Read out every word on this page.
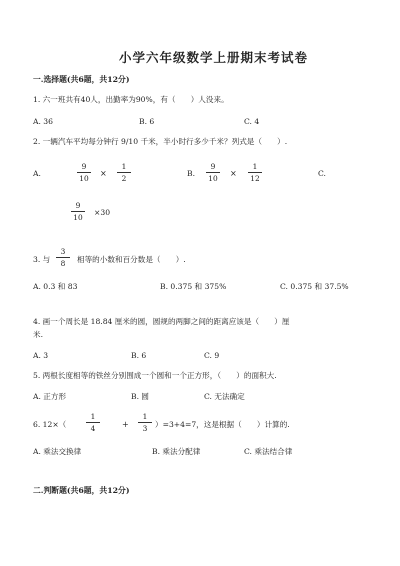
小学六年级数学上册期末考试卷
一.选择题(共6题，共12分)
1. 六一班共有40人，出勤率为90%，有（　　）人没来。
A. 36	B. 6	C. 4
2. 一辆汽车平均每分钟行 9/10 千米，半小时行多少千米？列式是（　　）.
A.
9
10
×
1
2
B.
9
10
×
1
12
C.
9
10
×30
3. 与
3
8	相等的小数和百分数是（　　）.
A. 0.3 和 83	B. 0.375 和 375%	C. 0.375 和 37.5%
4. 画一个周长是 18.84 厘米的圆，圆规的两脚之间的距离应该是（　　）厘
米.
A. 3	B. 6	C. 9
5. 两根长度相等的铁丝分别围成一个圆和一个正方形，（　　）的面积大.
A. 正方形	B. 圆	C. 无法确定
6. 12×（
1
4	+
1
3	）=3+4=7，这是根据（　　）计算的.
A. 乘法交换律	B. 乘法分配律	C. 乘法结合律
二.判断题(共6题，共12分)
